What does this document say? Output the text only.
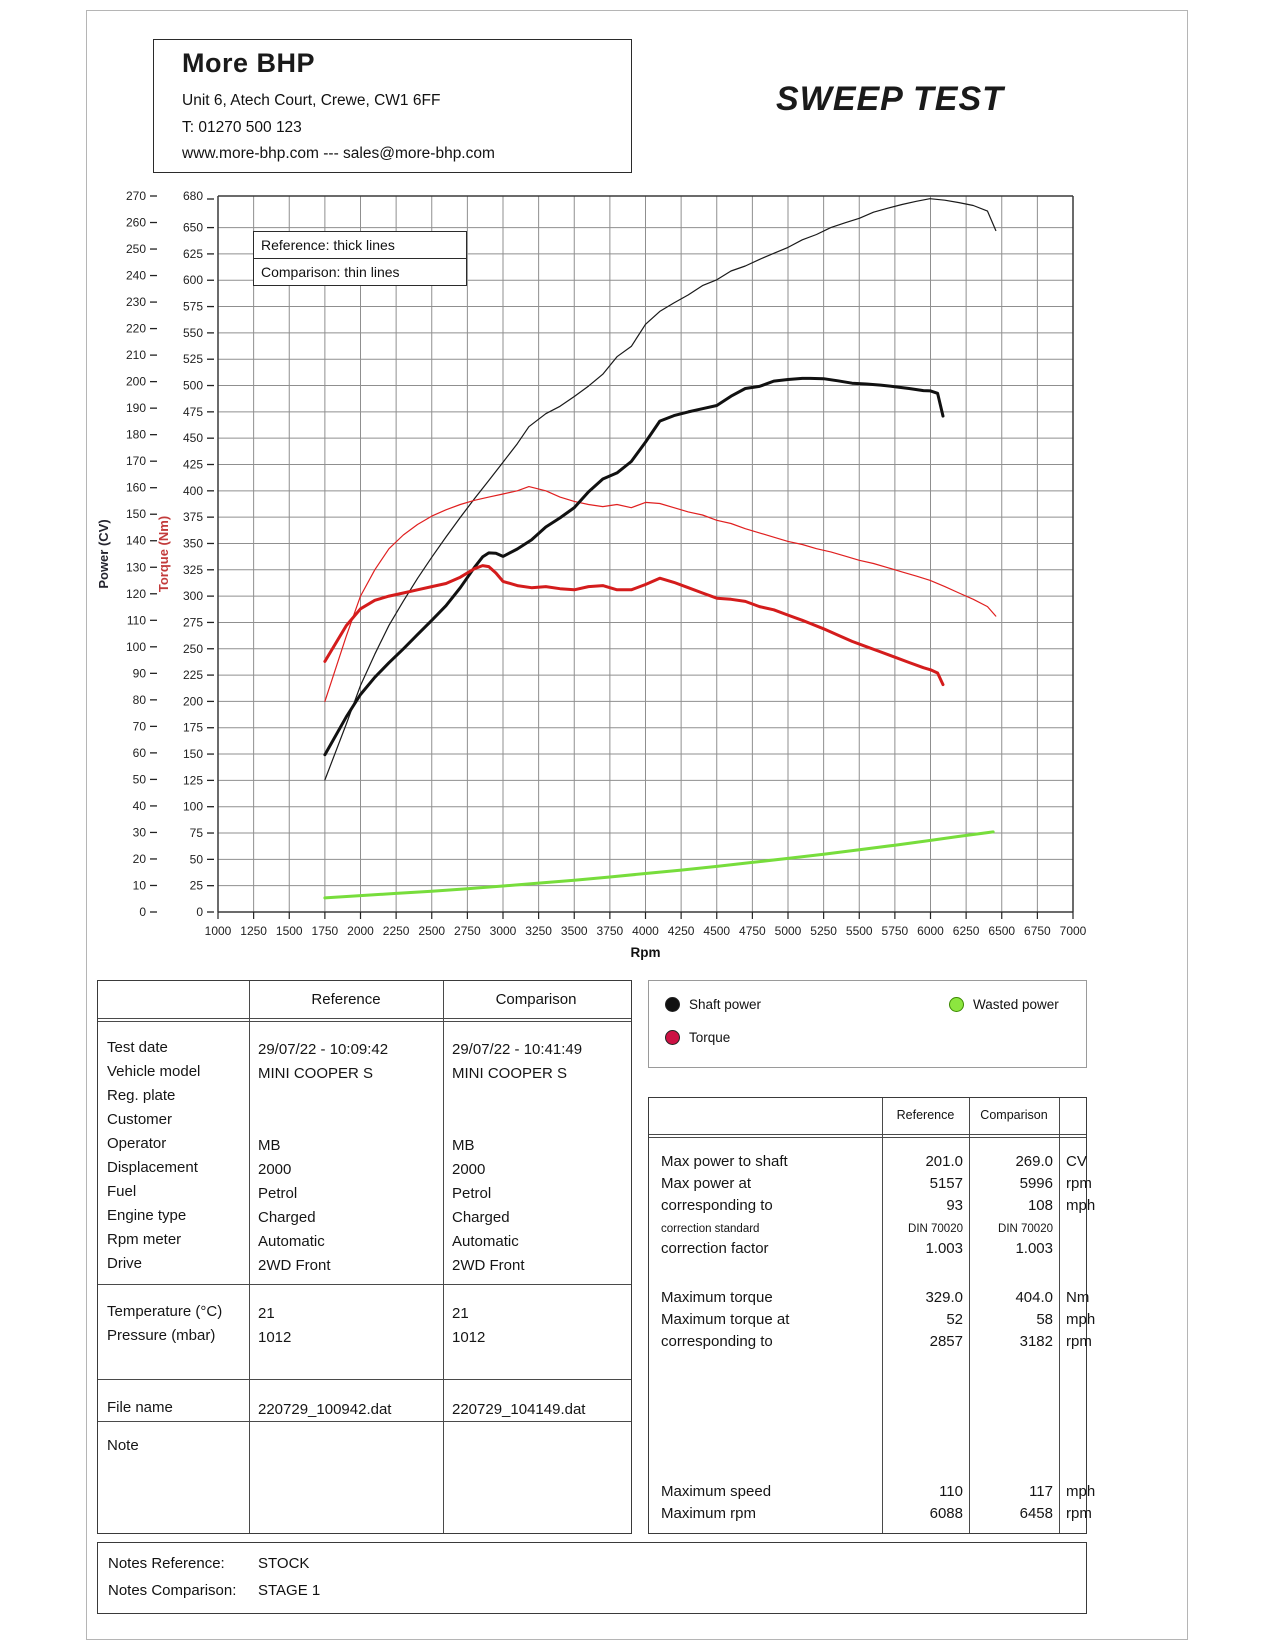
More BHP
Unit 6, Atech Court, Crewe, CW1 6FF
T: 01270 500 123
www.more-bhp.com --- sales@more-bhp.com
SWEEP TEST
0
10
20
30
40
50
60
70
80
90
100
110
120
130
140
150
160
170
180
190
200
210
220
230
240
250
260
270
0
25
50
75
100
125
150
175
200
225
250
275
300
325
350
375
400
425
450
475
500
525
550
575
600
625
650
680
1000 1250 1500 1750 2000 2250 2500 2750 3000 3250 3500 3750 4000 4250 4500 4750 5000 5250 5500 5750 6000 6250 6500 6750 7000
Rpm
Power (CV)	Torque (Nm)
Reference: thick lines
Comparison: thin lines
Shaft power	Wasted power
Torque
Reference	Comparison
Test date	29/07/22 - 10:09:42	29/07/22 - 10:41:49
Vehicle model	MINI COOPER S	MINI COOPER S
Reg. plate
Customer
Operator	MB	MB
Displacement	2000	2000
Fuel	Petrol	Petrol
Engine type	Charged	Charged
Rpm meter	Automatic	Automatic
Drive	2WD Front	2WD Front
Temperature (°C)	21	21
Pressure (mbar)	1012	1012
File name	220729_100942.dat	220729_104149.dat
Note
Reference	Comparison
Max power to shaft	201.0	269.0 CV
Max power at	5157	5996 rpm
corresponding to	93	108 mph
correction standard	DIN 70020	DIN 70020
correction factor	1.003	1.003
Maximum torque	329.0	404.0 Nm
Maximum torque at	52	58 mph
corresponding to	2857	3182 rpm
Maximum speed	110	117 mph
Maximum rpm	6088	6458 rpm
Notes Reference: STOCK
Notes Comparison: STAGE 1
